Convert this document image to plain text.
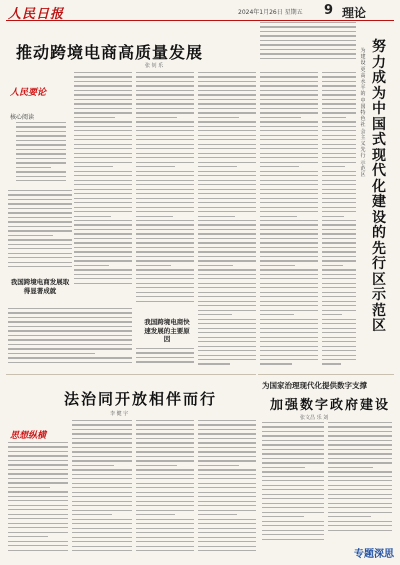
人民日报	2024年1月26日 星期五 9 理论
推动跨境电商高质量发展
张 钊 乐
人民要论
核心阅读
我国跨境电商发展取得显著成就
我国跨境电商快速发展的主要原因
努力成为中国式现代化建设的先行区示范区
为建设更高水平的中国特色社会主义先行示范区
为国家治理现代化提供数字支撑
加强数字政府建设
张文昌 乐 刘
法治同开放相伴而行
李 健 宇
思想纵横
专题深思
